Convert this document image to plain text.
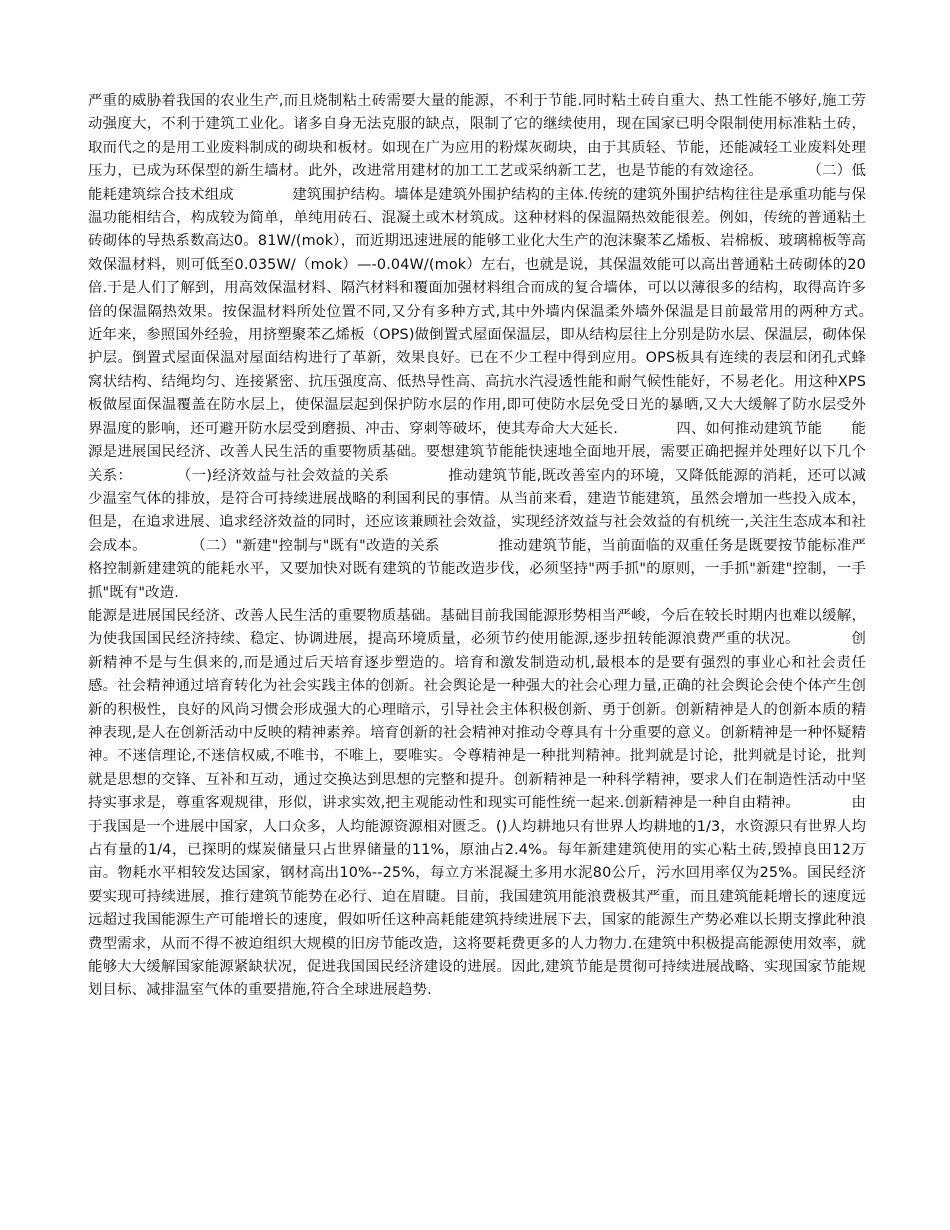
严重的威胁着我国的农业生产,而且烧制粘土砖需要大量的能源，不利于节能.同时粘土砖自重大、热工性能不够好,施工劳动强度大，不利于建筑工业化。诸多自身无法克服的缺点，限制了它的继续使用，现在国家已明令限制使用标准粘土砖，取而代之的是用工业废料制成的砌块和板材。如现在广为应用的粉煤灰砌块，由于其质轻、节能，还能减轻工业废料处理压力，已成为环保型的新生墙材。此外，改进常用建材的加工工艺或采纳新工艺，也是节能的有效途径。　　　　（二）低能耗建筑综合技术组成　　　　建筑围护结构。墙体是建筑外围护结构的主体.传统的建筑外围护结构往往是承重功能与保温功能相结合，构成较为简单，单纯用砖石、混凝土或木材筑成。这种材料的保温隔热效能很差。例如，传统的普通粘土砖砌体的导热系数高达0。81W/(mok），而近期迅速进展的能够工业化大生产的泡沫聚苯乙烯板、岩棉板、玻璃棉板等高效保温材料，则可低至0.035W/（mok）—-0.04W/(mok）左右，也就是说，其保温效能可以高出普通粘土砖砌体的20倍.于是人们了解到，用高效保温材料、隔汽材料和覆面加强材料组合而成的复合墙体，可以以薄很多的结构，取得高许多倍的保温隔热效果。按保温材料所处位置不同,又分有多种方式,其中外墙内保温柔外墙外保温是目前最常用的两种方式。　　　　近年来，参照国外经验，用挤塑聚苯乙烯板（OPS)做倒置式屋面保温层，即从结构层往上分别是防水层、保温层，砌体保护层。倒置式屋面保温对屋面结构进行了革新，效果良好。已在不少工程中得到应用。OPS板具有连续的表层和闭孔式蜂窝状结构、结绳均匀、连接紧密、抗压强度高、低热导性高、高抗水汽浸透性能和耐气候性能好，不易老化。用这种XPS板做屋面保温覆盖在防水层上，使保温层起到保护防水层的作用,即可使防水层免受日光的暴晒,又大大缓解了防水层受外界温度的影响，还可避开防水层受到磨损、冲击、穿刺等破坏，使其寿命大大延长.　　　　四、如何推动建筑节能　　能源是进展国民经济、改善人民生活的重要物质基础。要想建筑节能能快速地全面地开展，需要正确把握并处理好以下几个关系：　　　　（一)经济效益与社会效益的关系　　　　推动建筑节能,既改善室内的环境，又降低能源的消耗，还可以减少温室气体的排放，是符合可持续进展战略的利国利民的事情。从当前来看，建造节能建筑，虽然会增加一些投入成本，但是，在追求进展、追求经济效益的同时，还应该兼顾社会效益，实现经济效益与社会效益的有机统一,关注生态成本和社会成本。　　　　（二）"新建"控制与"既有"改造的关系　　　　推动建筑节能，当前面临的双重任务是既要按节能标准严格控制新建建筑的能耗水平，又要加快对既有建筑的节能改造步伐，必须坚持"两手抓"的原则，一手抓"新建"控制，一手抓"既有"改造.

能源是进展国民经济、改善人民生活的重要物质基础。基础目前我国能源形势相当严峻，今后在较长时期内也难以缓解，为使我国国民经济持续、稳定、协调进展，提高环境质量，必须节约使用能源,逐步扭转能源浪费严重的状况。　　　　创新精神不是与生俱来的,而是通过后天培育逐步塑造的。培育和激发制造动机,最根本的是要有强烈的事业心和社会责任感。社会精神通过培育转化为社会实践主体的创新。社会舆论是一种强大的社会心理力量,正确的社会舆论会使个体产生创新的积极性，良好的风尚习惯会形成强大的心理暗示，引导社会主体积极创新、勇于创新。创新精神是人的创新本质的精神表现,是人在创新活动中反映的精神素养。培育创新的社会精神对推动令尊具有十分重要的意义。创新精神是一种怀疑精神。不迷信理论,不迷信权威,不唯书，不唯上，要唯实。令尊精神是一种批判精神。批判就是讨论，批判就是讨论，批判就是思想的交锋、互补和互动，通过交换达到思想的完整和提升。创新精神是一种科学精神，要求人们在制造性活动中坚持实事求是，尊重客观规律，形似，讲求实效,把主观能动性和现实可能性统一起来.创新精神是一种自由精神。　　　　由于我国是一个进展中国家，人口众多，人均能源资源相对匮乏。()人均耕地只有世界人均耕地的1/3，水资源只有世界人均占有量的1/4，已探明的煤炭储量只占世界储量的11%，原油占2.4%。每年新建建筑使用的实心粘土砖,毁掉良田12万亩。物耗水平相较发达国家，钢材高出10%--25%，每立方米混凝土多用水泥80公斤，污水回用率仅为25%。国民经济要实现可持续进展，推行建筑节能势在必行、迫在眉睫。目前，我国建筑用能浪费极其严重，而且建筑能耗增长的速度远远超过我国能源生产可能增长的速度，假如听任这种高耗能建筑持续进展下去，国家的能源生产势必难以长期支撑此种浪费型需求，从而不得不被迫组织大规模的旧房节能改造，这将要耗费更多的人力物力.在建筑中积极提高能源使用效率，就能够大大缓解国家能源紧缺状况，促进我国国民经济建设的进展。因此,建筑节能是贯彻可持续进展战略、实现国家节能规划目标、减排温室气体的重要措施,符合全球进展趋势.
